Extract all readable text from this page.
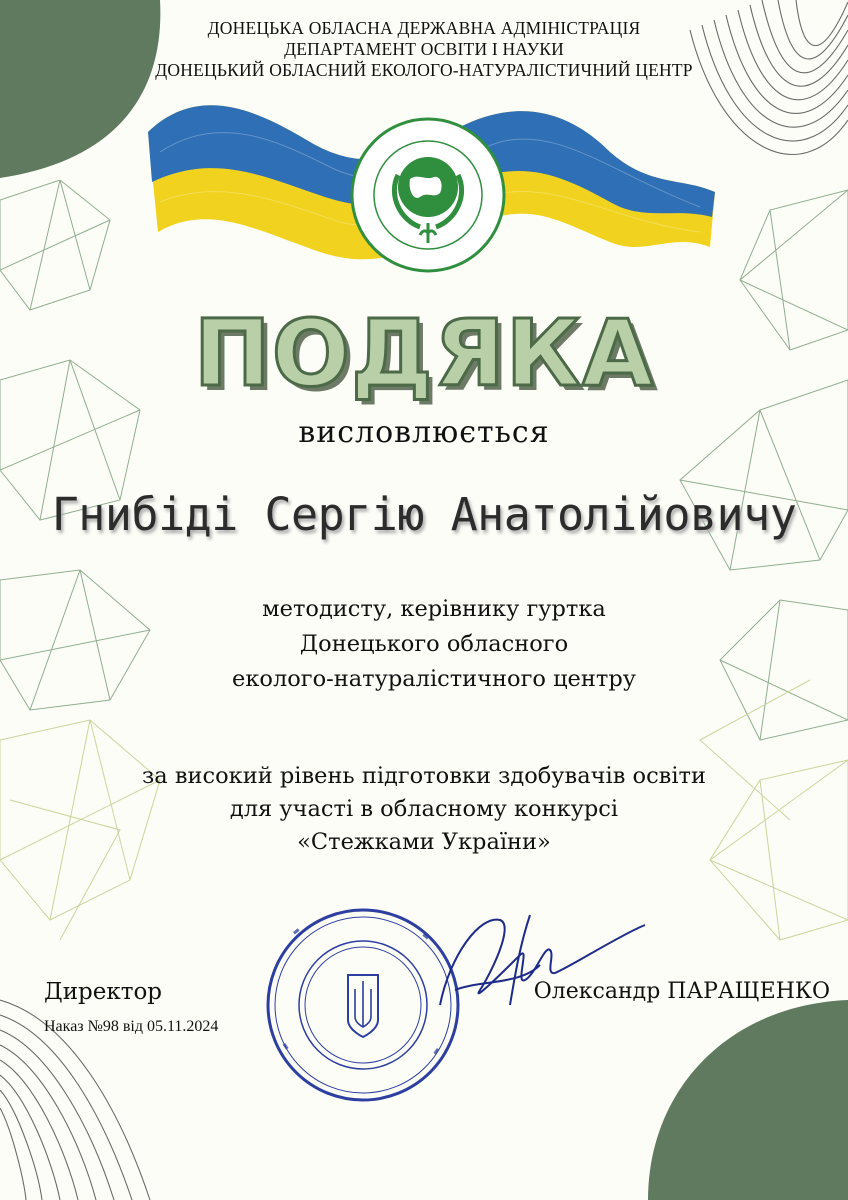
ДОНЕЦЬКА ОБЛАСНА ДЕРЖАВНА АДМІНІСТРАЦІЯ
ДЕПАРТАМЕНТ ОСВІТИ І НАУКИ
ДОНЕЦЬКИЙ ОБЛАСНИЙ ЕКОЛОГО-НАТУРАЛІСТИЧНИЙ ЦЕНТР
ПОДЯКА
висловлюється
Гнибіді Сергію Анатолійовичу
методисту, керівнику гуртка
Донецького обласного
еколого-натуралістичного центру
за високий рівень підготовки здобувачів освіти
для участі в обласному конкурсі
«Стежками України»
Директор
Наказ №98 від 05.11.2024
Олександр ПАРАЩЕНКО
